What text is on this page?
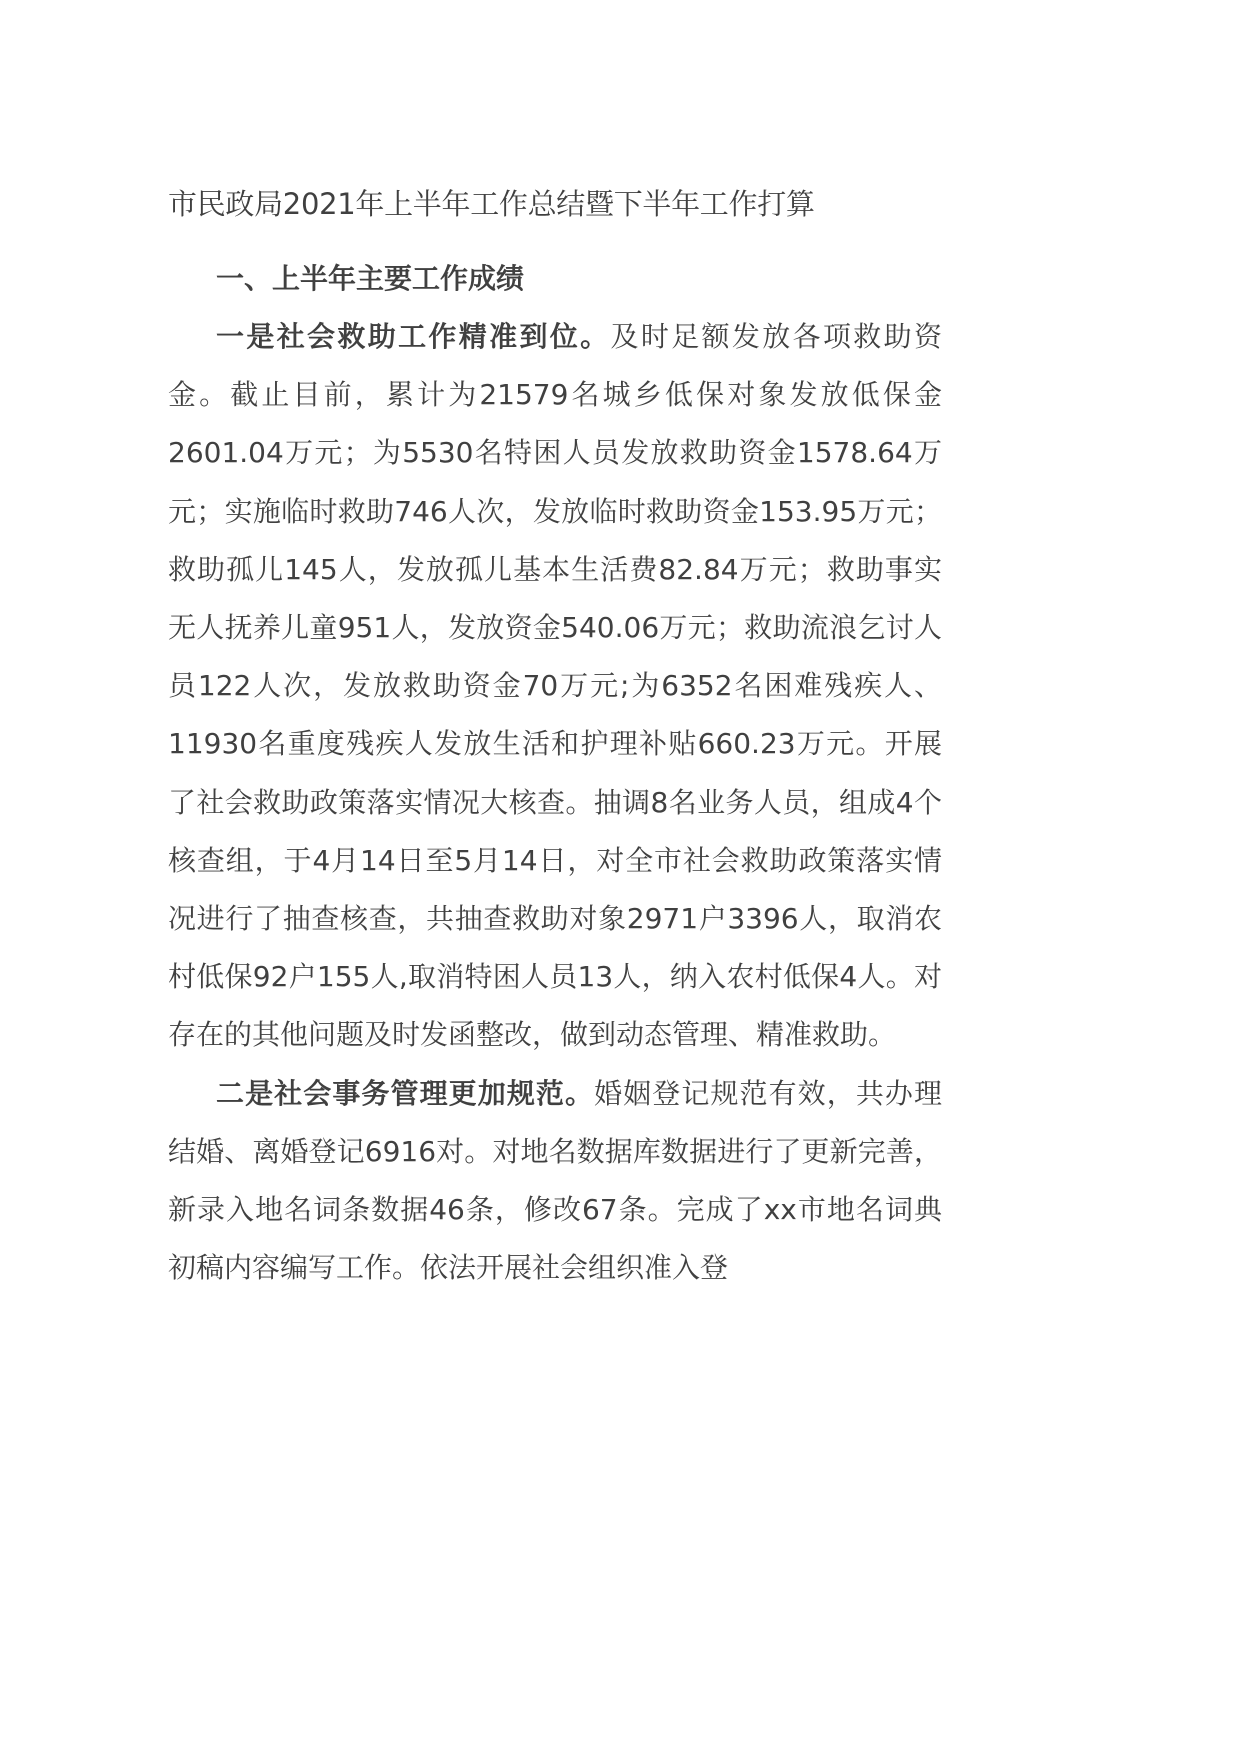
市民政局2021年上半年工作总结暨下半年工作打算

一、上半年主要工作成绩

一是社会救助工作精准到位。及时足额发放各项救助资金。截止目前，累计为21579名城乡低保对象发放低保金2601.04万元；为5530名特困人员发放救助资金1578.64万元；实施临时救助746人次，发放临时救助资金153.95万元；救助孤儿145人，发放孤儿基本生活费82.84万元；救助事实无人抚养儿童951人，发放资金540.06万元；救助流浪乞讨人员122人次，发放救助资金70万元;为6352名困难残疾人、11930名重度残疾人发放生活和护理补贴660.23万元。开展了社会救助政策落实情况大核查。抽调8名业务人员，组成4个核查组，于4月14日至5月14日，对全市社会救助政策落实情况进行了抽查核查，共抽查救助对象2971户3396人，取消农村低保92户155人,取消特困人员13人，纳入农村低保4人。对存在的其他问题及时发函整改，做到动态管理、精准救助。

二是社会事务管理更加规范。婚姻登记规范有效，共办理结婚、离婚登记6916对。对地名数据库数据进行了更新完善，新录入地名词条数据46条，修改67条。完成了xx市地名词典初稿内容编写工作。依法开展社会组织准入登
